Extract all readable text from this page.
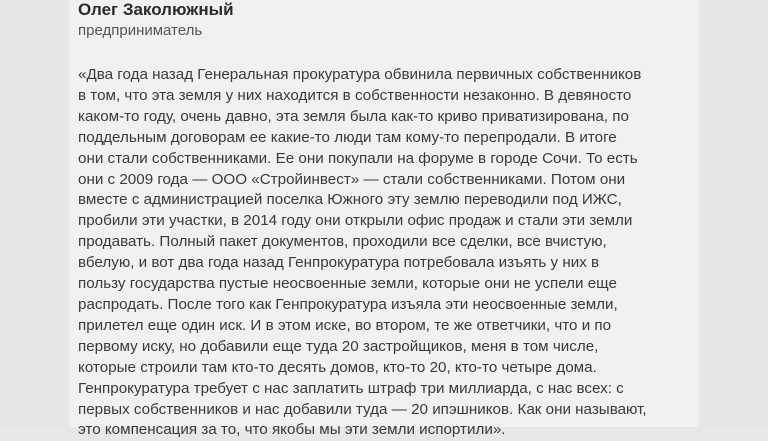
Олег Заколюжный

предприниматель

«Два года назад Генеральная прокуратура обвинила первичных собственников
в том, что эта земля у них находится в собственности незаконно. В девяносто
каком-то году, очень давно, эта земля была как-то криво приватизирована, по
поддельным договорам ее какие-то люди там кому-то перепродали. В итоге
они стали собственниками. Ее они покупали на форуме в городе Сочи. То есть
они с 2009 года — ООО «Стройинвест» — стали собственниками. Потом они
вместе с администрацией поселка Южного эту землю переводили под ИЖС,
пробили эти участки, в 2014 году они открыли офис продаж и стали эти земли
продавать. Полный пакет документов, проходили все сделки, все вчистую,
вбелую, и вот два года назад Генпрокуратура потребовала изъять у них в
пользу государства пустые неосвоенные земли, которые они не успели еще
распродать. После того как Генпрокуратура изъяла эти неосвоенные земли,
прилетел еще один иск. И в этом иске, во втором, те же ответчики, что и по
первому иску, но добавили еще туда 20 застройщиков, меня в том числе,
которые строили там кто-то десять домов, кто-то 20, кто-то четыре дома.
Генпрокуратура требует с нас заплатить штраф три миллиарда, с нас всех: с
первых собственников и нас добавили туда — 20 ипэшников. Как они называют,
это компенсация за то, что якобы мы эти земли испортили».
